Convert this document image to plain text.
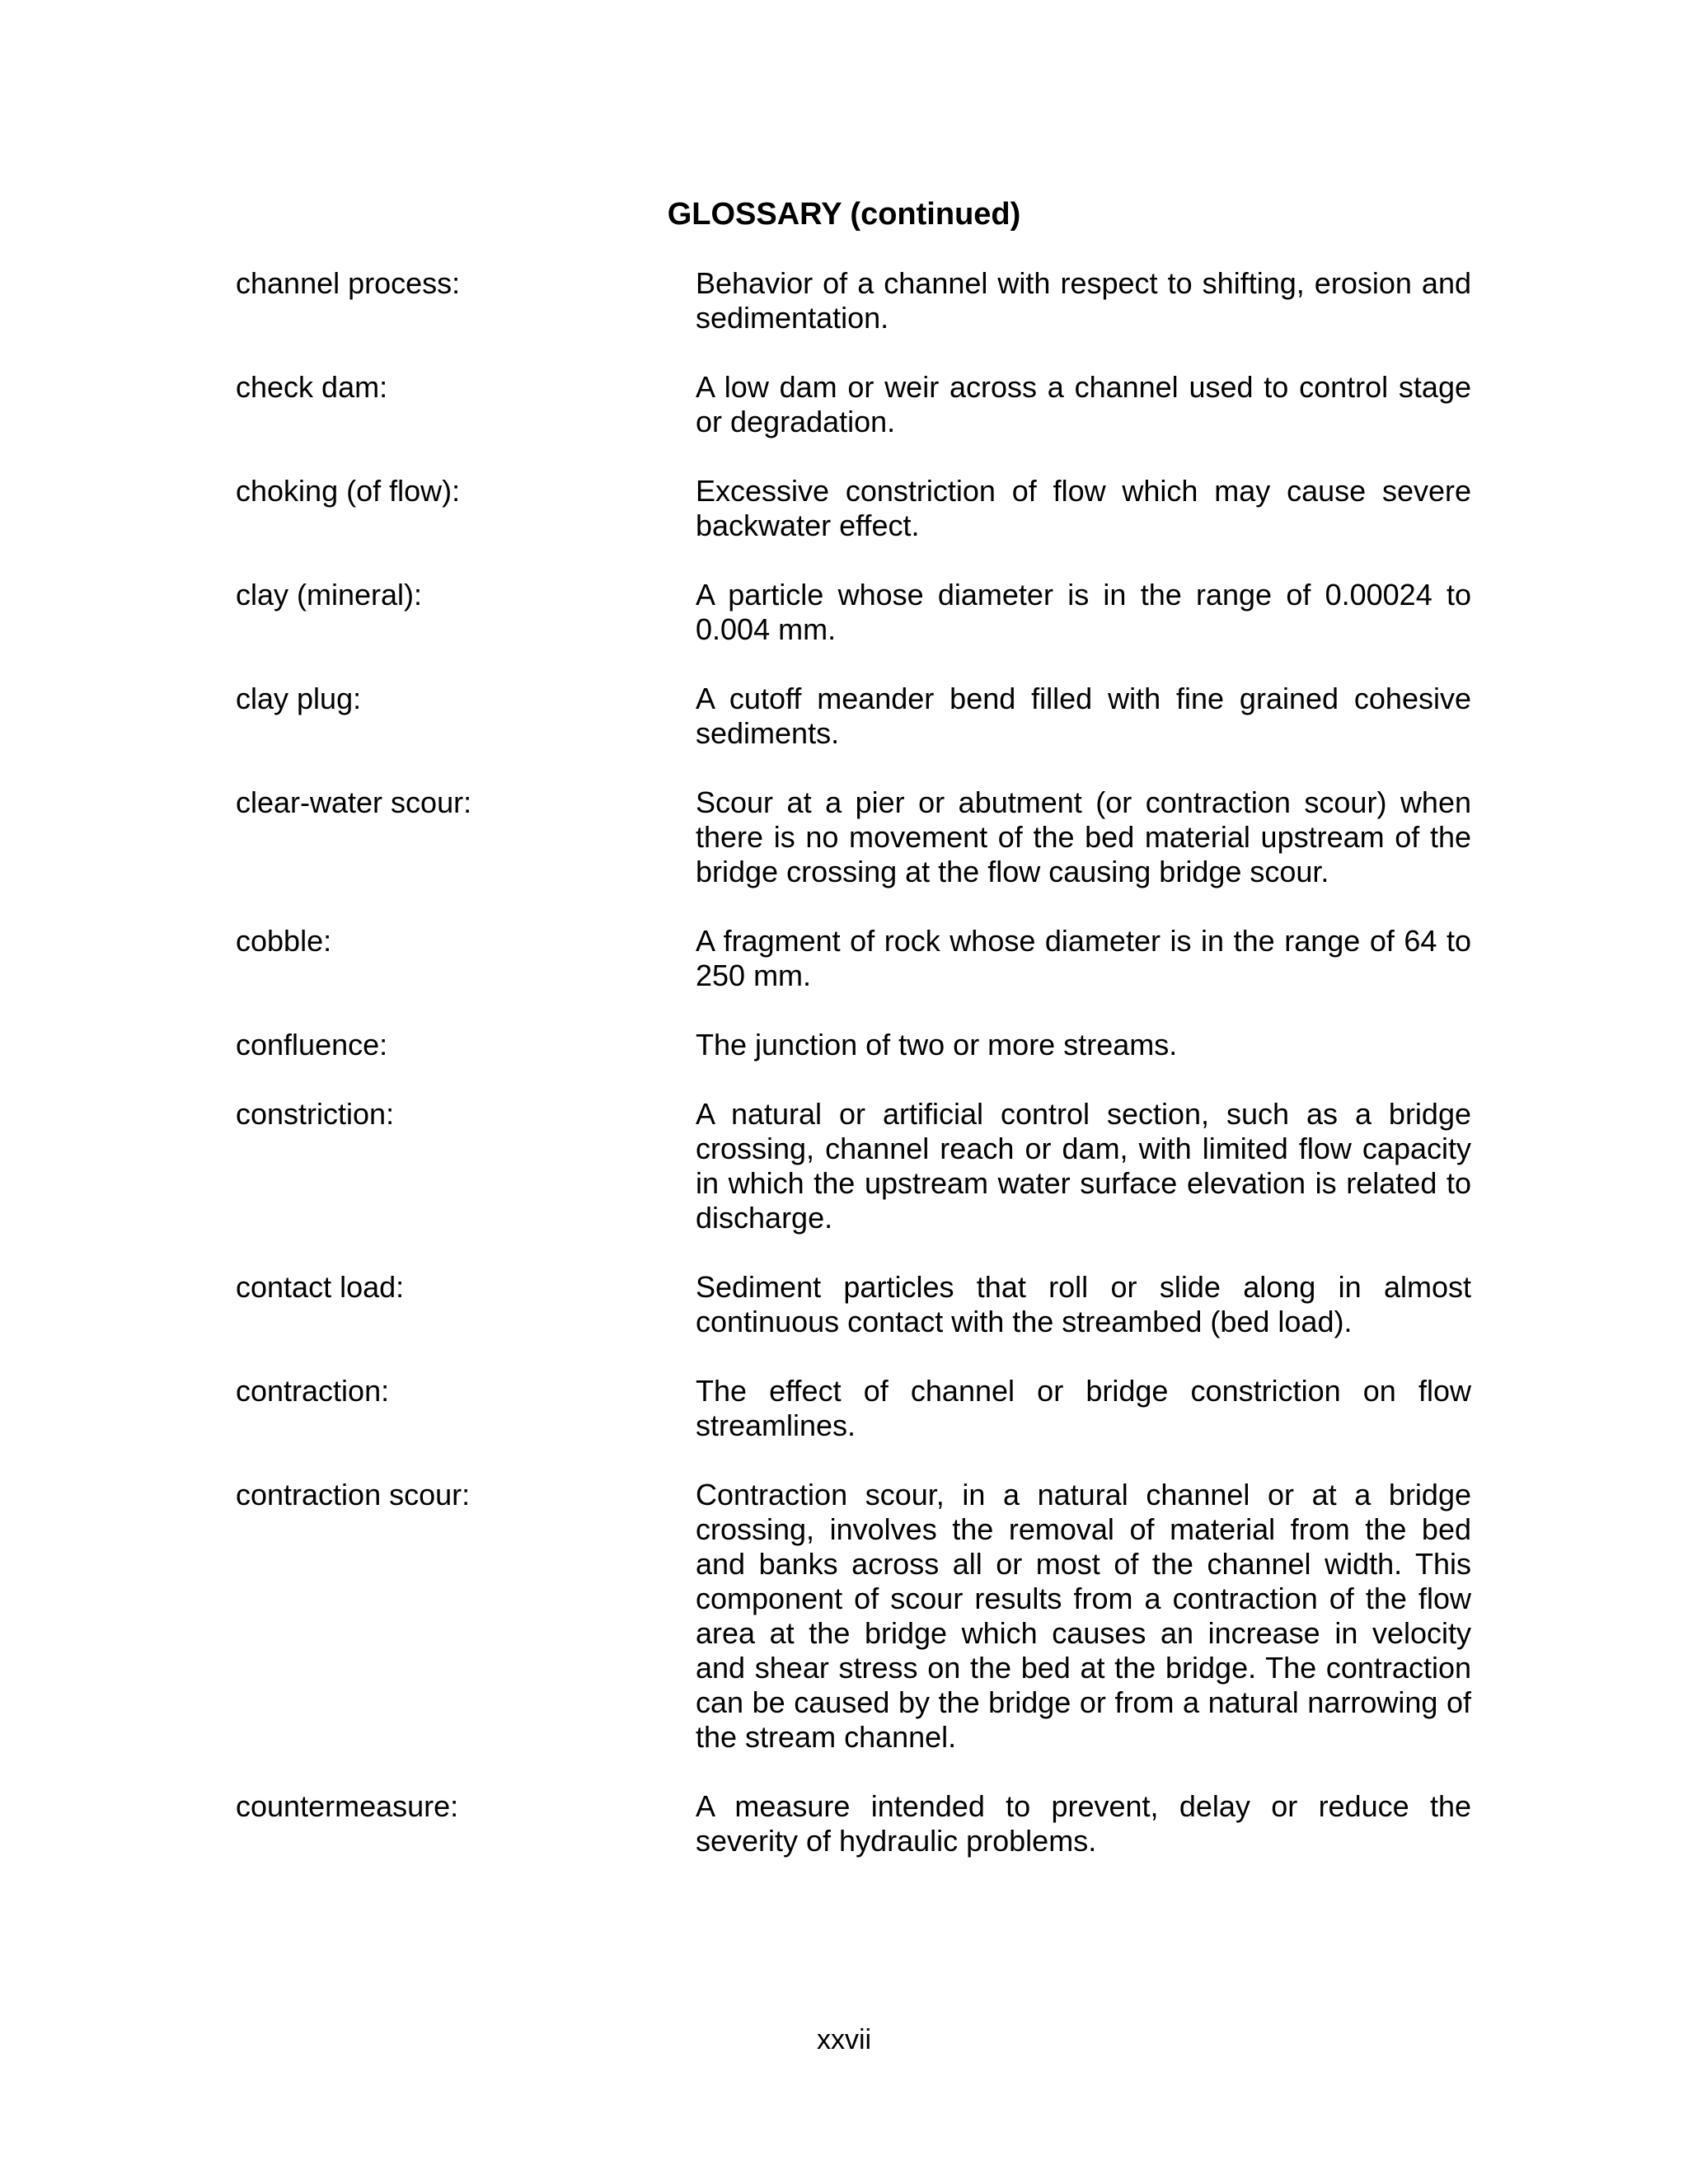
GLOSSARY (continued)
channel process:	Behavior of a channel with respect to shifting, erosion and sedimentation.
check dam:	A low dam or weir across a channel used to control stage or degradation.
choking (of flow):	Excessive constriction of flow which may cause severe backwater effect.
clay (mineral):	A particle whose diameter is in the range of 0.00024 to 0.004 mm.
clay plug:	A cutoff meander bend filled with fine grained cohesive sediments.
clear-water scour:	Scour at a pier or abutment (or contraction scour) when there is no movement of the bed material upstream of the bridge crossing at the flow causing bridge scour.
cobble:	A fragment of rock whose diameter is in the range of 64 to 250 mm.
confluence:	The junction of two or more streams.
constriction:	A natural or artificial control section, such as a bridge crossing, channel reach or dam, with limited flow capacity in which the upstream water surface elevation is related to discharge.
contact load:	Sediment particles that roll or slide along in almost continuous contact with the streambed (bed load).
contraction:	The effect of channel or bridge constriction on flow streamlines.
contraction scour:	Contraction scour, in a natural channel or at a bridge crossing, involves the removal of material from the bed and banks across all or most of the channel width. This component of scour results from a contraction of the flow area at the bridge which causes an increase in velocity and shear stress on the bed at the bridge. The contraction can be caused by the bridge or from a natural narrowing of the stream channel.
countermeasure:	A measure intended to prevent, delay or reduce the severity of hydraulic problems.
xxvii
